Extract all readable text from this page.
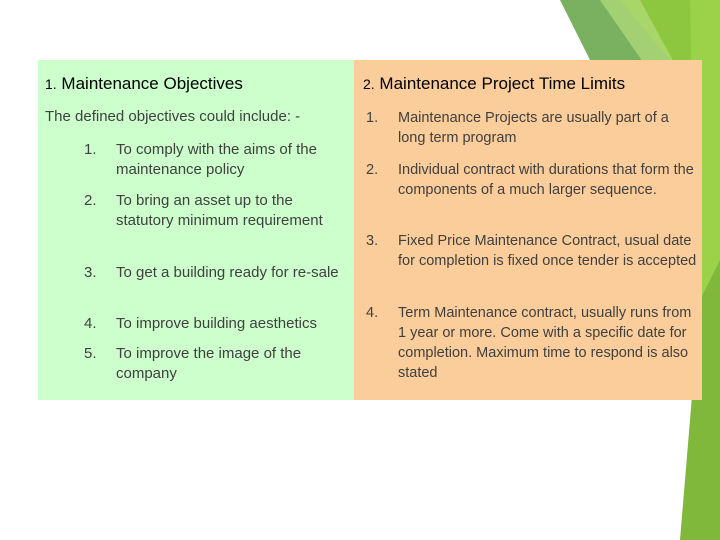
1. Maintenance Objectives
The defined objectives could include: -
1. To comply with the aims of the maintenance policy
2. To bring an asset up to the statutory minimum requirement
3. To get a building ready for re-sale
4. To improve building aesthetics
5. To improve the image of the company
2. Maintenance Project Time Limits
1. Maintenance Projects are usually part of a long term program
2. Individual contract with durations that form the components of a much larger sequence.
3. Fixed Price Maintenance Contract, usual date for completion is fixed once tender is accepted
4. Term Maintenance contract, usually runs from 1 year or more. Come with a specific date for completion. Maximum time to respond is also stated
